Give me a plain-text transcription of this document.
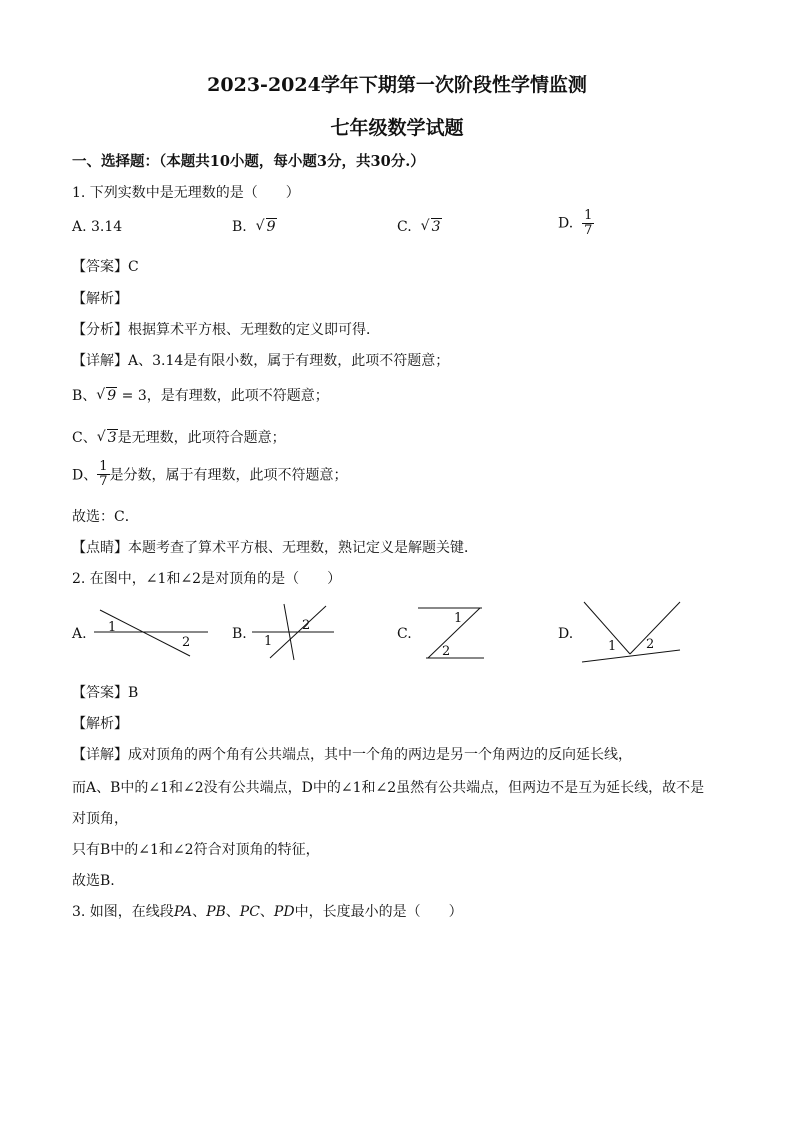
2023-2024学年下期第一次阶段性学情监测
七年级数学试题
一、选择题：（本题共10小题，每小题3分，共30分.）
1. 下列实数中是无理数的是（　　）
A. 3.14	B. √ 9	C. √ 3	D. $\frac{1}{7}$
【答案】C
【解析】
【分析】根据算术平方根、无理数的定义即可得．
【详解】A、3.14是有限小数，属于有理数，此项不符题意；
B、 √ 9 = 3，是有理数，此项不符题意；
C、 √ 3是无理数，此项符合题意；
D、 $\frac{1}{7}$ 是分数，属于有理数，此项不符题意；
故选：C．
【点睛】本题考查了算术平方根、无理数，熟记定义是解题关键．
2. 在图中，∠1和∠2是对顶角的是（　　）
A. 1
2
B. 1
2
C.
1
2
D.
1 2
【答案】B
【解析】
【详解】成对顶角的两个角有公共端点，其中一个角的两边是另一个角两边的反向延长线，
而A、B中的∠1和∠2没有公共端点，D中的∠1和∠2虽然有公共端点，但两边不是互为延长线，故不是
对顶角，
只有B中的∠1和∠2符合对顶角的特征，
故选B.
3. 如图，在线段PA、PB、PC、PD中，长度最小的是（　　）
